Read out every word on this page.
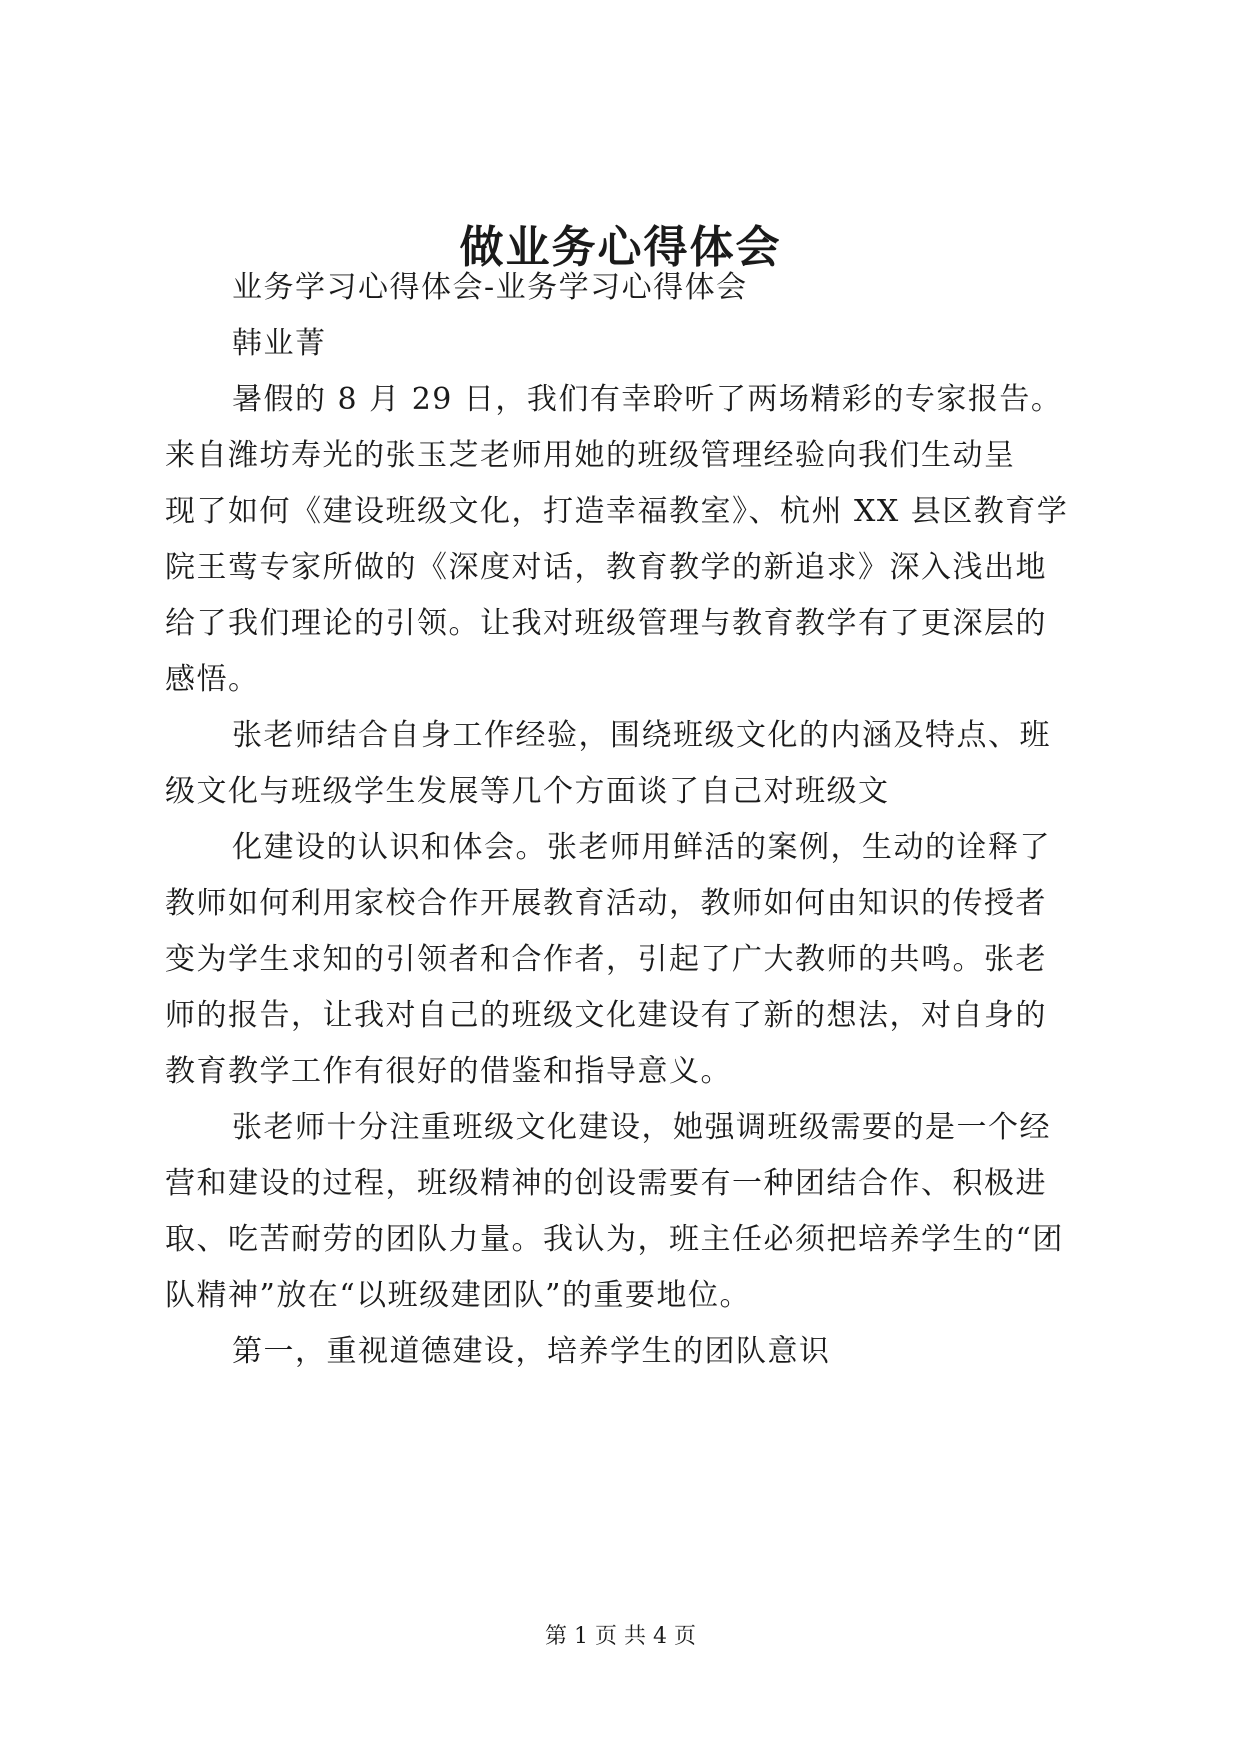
做业务心得体会

业务学习心得体会-业务学习心得体会

韩业菁

暑假的 8 月 29 日，我们有幸聆听了两场精彩的专家报告。

来自潍坊寿光的张玉芝老师用她的班级管理经验向我们生动呈

现了如何《建设班级文化，打造幸福教室》、杭州 XX 县区教育学

院王莺专家所做的《深度对话，教育教学的新追求》深入浅出地

给了我们理论的引领。让我对班级管理与教育教学有了更深层的

感悟。

张老师结合自身工作经验，围绕班级文化的内涵及特点、班

级文化与班级学生发展等几个方面谈了自己对班级文

化建设的认识和体会。张老师用鲜活的案例，生动的诠释了

教师如何利用家校合作开展教育活动，教师如何由知识的传授者

变为学生求知的引领者和合作者，引起了广大教师的共鸣。张老

师的报告，让我对自己的班级文化建设有了新的想法，对自身的

教育教学工作有很好的借鉴和指导意义。

张老师十分注重班级文化建设，她强调班级需要的是一个经

营和建设的过程，班级精神的创设需要有一种团结合作、积极进

取、吃苦耐劳的团队力量。我认为，班主任必须把培养学生的“团

队精神”放在“以班级建团队”的重要地位。

第一，重视道德建设，培养学生的团队意识

第 1 页 共 4 页
